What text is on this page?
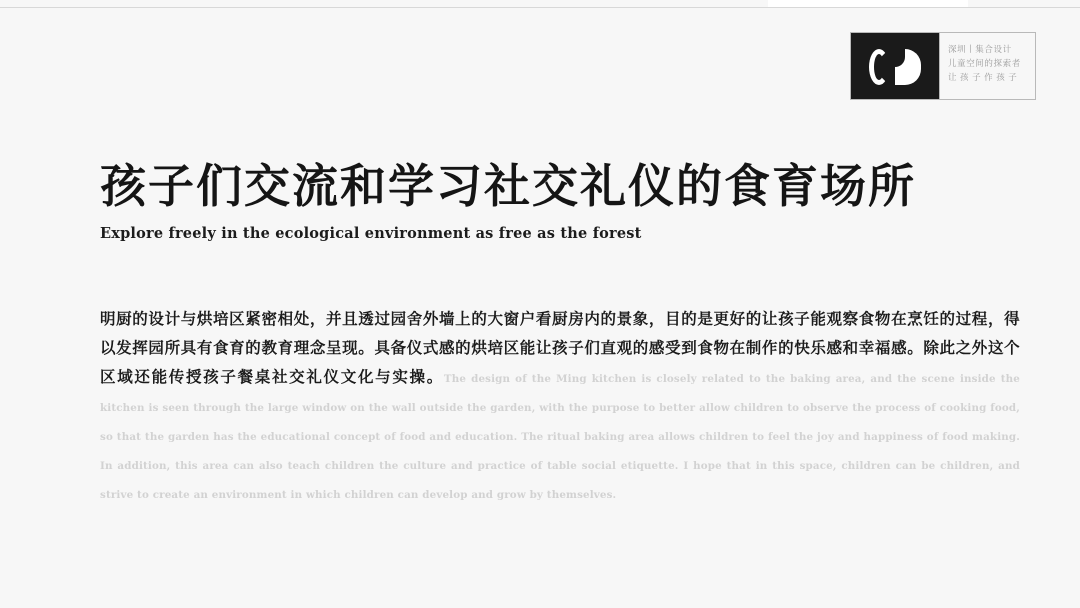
深圳丨集合设计
儿童空间的探索者
让 孩 子 作 孩 子
孩子们交流和学习社交礼仪的食育场所
Explore freely in the ecological environment as free as the forest
明厨的设计与烘培区紧密相处，并且透过园舍外墙上的大窗户看厨房内的景象，目的是更好的让孩子能观察食物在烹饪的过程，得以发挥园所具有食育的教育理念呈现。具备仪式感的烘培区能让孩子们直观的感受到食物在制作的快乐感和幸福感。除此之外这个区域还能传授孩子餐桌社交礼仪文化与实操。The design of the Ming kitchen is closely related to the baking area, and the scene inside the kitchen is seen through the large window on the wall outside the garden, with the purpose to better allow children to observe the process of cooking food, so that the garden has the educational concept of food and education. The ritual baking area allows children to feel the joy and happiness of food making. In addition, this area can also teach children the culture and practice of table social etiquette. I hope that in this space, children can be children, and strive to create an environment in which children can develop and grow by themselves.
